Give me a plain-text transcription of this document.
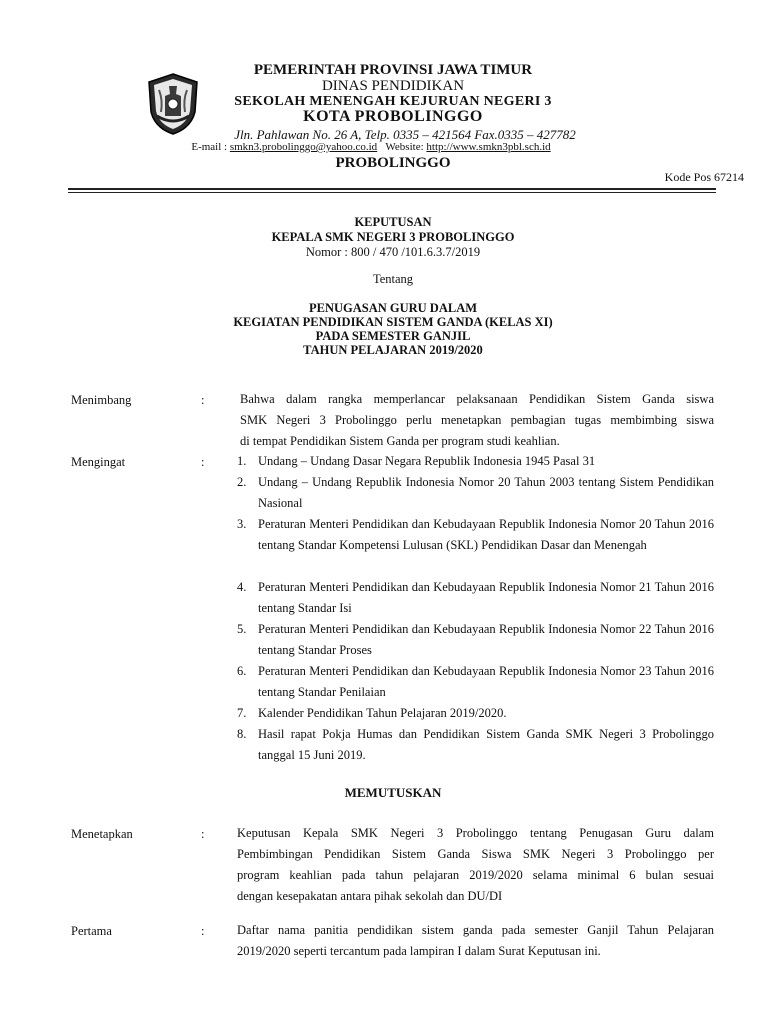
PEMERINTAH PROVINSI JAWA TIMUR
DINAS PENDIDIKAN
SEKOLAH MENENGAH KEJURUAN NEGERI 3
KOTA PROBOLINGGO
Jln. Pahlawan No. 26 A, Telp. 0335 – 421564 Fax.0335 – 427782
E-mail : smkn3.probolinggo@yahoo.co.id Website: http://www.smkn3pbl.sch.id
PROBOLINGGO
Kode Pos 67214
KEPUTUSAN
KEPALA SMK NEGERI 3 PROBOLINGGO
Nomor : 800 / 470 /101.6.3.7/2019
Tentang
PENUGASAN GURU DALAM
KEGIATAN PENDIDIKAN SISTEM GANDA (KELAS XI)
PADA SEMESTER GANJIL
TAHUN PELAJARAN 2019/2020
Menimbang	:	Bahwa dalam rangka memperlancar pelaksanaan Pendidikan Sistem Ganda siswa
SMK Negeri 3 Probolinggo perlu menetapkan pembagian tugas membimbing siswa
di tempat Pendidikan Sistem Ganda per program studi keahlian.
Mengingat	:	1. Undang – Undang Dasar Negara Republik Indonesia 1945 Pasal 31
2. Undang – Undang Republik Indonesia Nomor 20 Tahun 2003 tentang Sistem Pendidikan Nasional
3. Peraturan Menteri Pendidikan dan Kebudayaan Republik Indonesia Nomor 20 Tahun 2016 tentang Standar Kompetensi Lulusan (SKL) Pendidikan Dasar dan Menengah
4. Peraturan Menteri Pendidikan dan Kebudayaan Republik Indonesia Nomor 21 Tahun 2016 tentang Standar Isi
5. Peraturan Menteri Pendidikan dan Kebudayaan Republik Indonesia Nomor 22 Tahun 2016 tentang Standar Proses
6. Peraturan Menteri Pendidikan dan Kebudayaan Republik Indonesia Nomor 23 Tahun 2016 tentang Standar Penilaian
7. Kalender Pendidikan Tahun Pelajaran 2019/2020.
8. Hasil rapat Pokja Humas dan Pendidikan Sistem Ganda SMK Negeri 3 Probolinggo tanggal 15 Juni 2019.
MEMUTUSKAN
Menetapkan	:	Keputusan Kepala SMK Negeri 3 Probolinggo tentang Penugasan Guru dalam
Pembimbingan Pendidikan Sistem Ganda Siswa SMK Negeri 3 Probolinggo per
program keahlian pada tahun pelajaran 2019/2020 selama minimal 6 bulan sesuai
dengan kesepakatan antara pihak sekolah dan DU/DI
Pertama	:	Daftar nama panitia pendidikan sistem ganda pada semester Ganjil Tahun Pelajaran
2019/2020 seperti tercantum pada lampiran I dalam Surat Keputusan ini.
